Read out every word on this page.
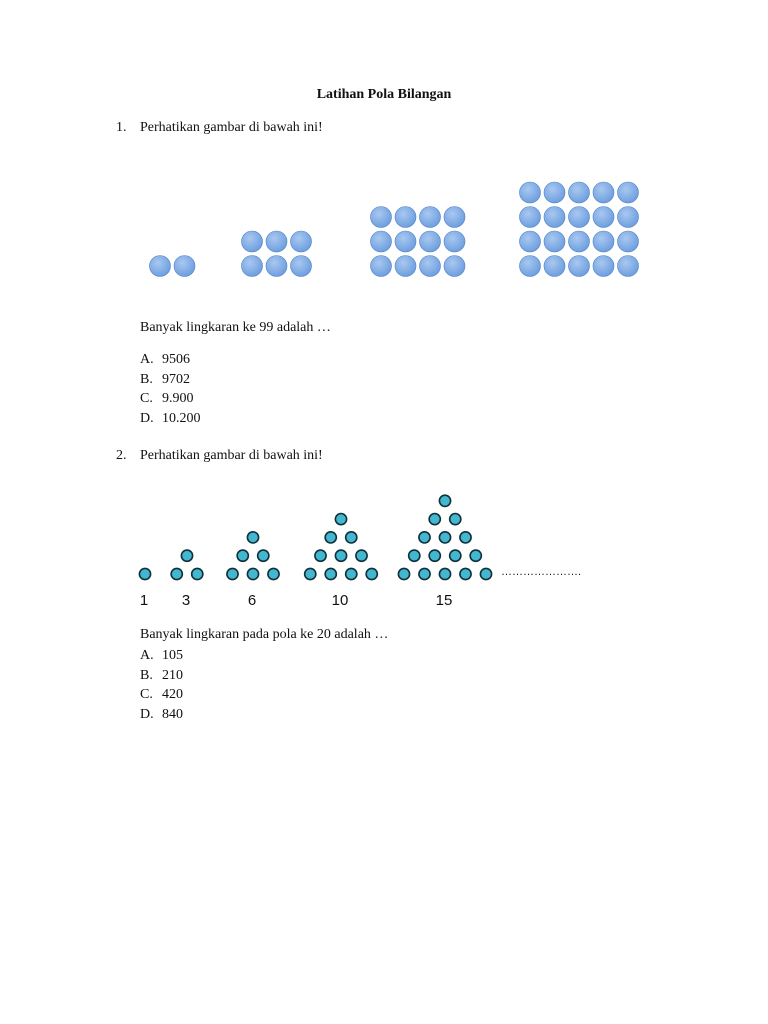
Latihan Pola Bilangan
1. Perhatikan gambar di bawah ini!
Banyak lingkaran ke 99 adalah …
A. 9506
B. 9702
C. 9.900
D. 10.200
2. Perhatikan gambar di bawah ini!
1 3	6	10	15
………………….
Banyak lingkaran pada pola ke 20 adalah …
A. 105
B. 210
C. 420
D. 840
